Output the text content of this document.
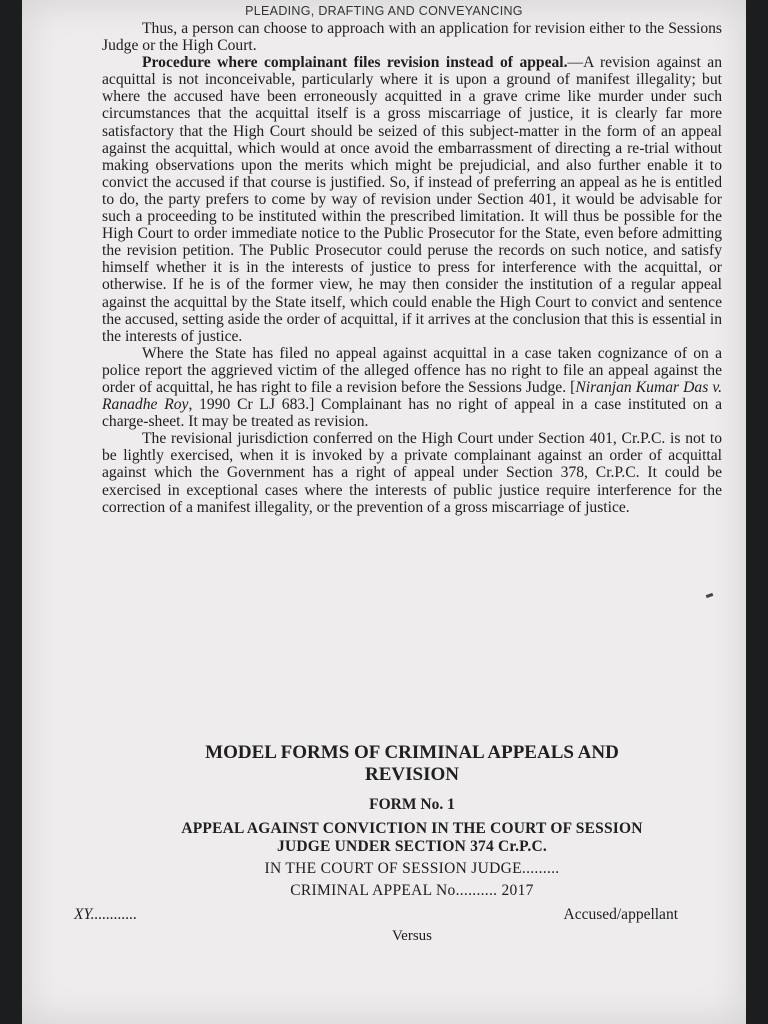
PLEADING, DRAFTING AND CONVEYANCING

Thus, a person can choose to approach with an application for revision either to the Sessions Judge or the High Court.

Procedure where complainant files revision instead of appeal.—A revision against an acquittal is not inconceivable, particularly where it is upon a ground of manifest illegality; but where the accused have been erroneously acquitted in a grave crime like murder under such circumstances that the acquittal itself is a gross miscarriage of justice, it is clearly far more satisfactory that the High Court should be seized of this subject-matter in the form of an appeal against the acquittal, which would at once avoid the embarrassment of directing a re-trial without making observations upon the merits which might be prejudicial, and also further enable it to convict the accused if that course is justified. So, if instead of preferring an appeal as he is entitled to do, the party prefers to come by way of revision under Section 401, it would be advisable for such a proceeding to be instituted within the prescribed limitation. It will thus be possible for the High Court to order immediate notice to the Public Prosecutor for the State, even before admitting the revision petition. The Public Prosecutor could peruse the records on such notice, and satisfy himself whether it is in the interests of justice to press for interference with the acquittal, or otherwise. If he is of the former view, he may then consider the institution of a regular appeal against the acquittal by the State itself, which could enable the High Court to convict and sentence the accused, setting aside the order of acquittal, if it arrives at the conclusion that this is essential in the interests of justice.

Where the State has filed no appeal against acquittal in a case taken cognizance of on a police report the aggrieved victim of the alleged offence has no right to file an appeal against the order of acquittal, he has right to file a revision before the Sessions Judge. [Niranjan Kumar Das v. Ranadhe Roy, 1990 Cr LJ 683.] Complainant has no right of appeal in a case instituted on a charge-sheet. It may be treated as revision.

The revisional jurisdiction conferred on the High Court under Section 401, Cr.P.C. is not to be lightly exercised, when it is invoked by a private complainant against an order of acquittal against which the Government has a right of appeal under Section 378, Cr.P.C. It could be exercised in exceptional cases where the interests of public justice require interference for the correction of a manifest illegality, or the prevention of a gross miscarriage of justice.

MODEL FORMS OF CRIMINAL APPEALS AND
REVISION
FORM No. 1
APPEAL AGAINST CONVICTION IN THE COURT OF SESSION
JUDGE UNDER SECTION 374 Cr.P.C.
IN THE COURT OF SESSION JUDGE.........
CRIMINAL APPEAL No.......... 2017
XY............	Accused/appellant
Versus
